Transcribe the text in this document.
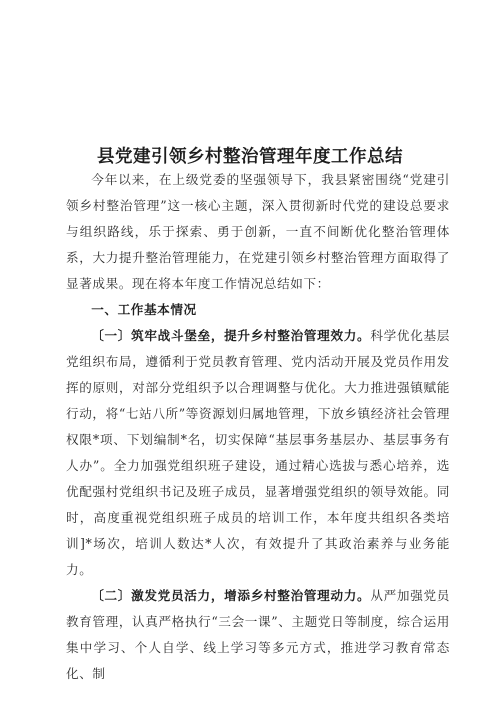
县党建引领乡村整治管理年度工作总结

今年以来，在上级党委的坚强领导下，我县紧密围绕“党建引领乡村整治管理”这一核心主题，深入贯彻新时代党的建设总要求与组织路线，乐于探索、勇于创新，一直不间断优化整治管理体系，大力提升整治管理能力，在党建引领乡村整治管理方面取得了显著成果。现在将本年度工作情况总结如下：

一、工作基本情况

〔一〕筑牢战斗堡垒，提升乡村整治管理效力。科学优化基层党组织布局，遵循利于党员教育管理、党内活动开展及党员作用发挥的原则，对部分党组织予以合理调整与优化。大力推进强镇赋能行动，将“七站八所”等资源划归属地管理，下放乡镇经济社会管理权限*项、下划编制*名，切实保障“基层事务基层办、基层事务有人办”。全力加强党组织班子建设，通过精心选拔与悉心培养，选优配强村党组织书记及班子成员，显著增强党组织的领导效能。同时，高度重视党组织班子成员的培训工作，本年度共组织各类培训]*场次，培训人数达*人次，有效提升了其政治素养与业务能力。

〔二〕激发党员活力，增添乡村整治管理动力。从严加强党员教育管理，认真严格执行“三会一课”、主题党日等制度，综合运用集中学习、个人自学、线上学习等多元方式，推进学习教育常态化、制
